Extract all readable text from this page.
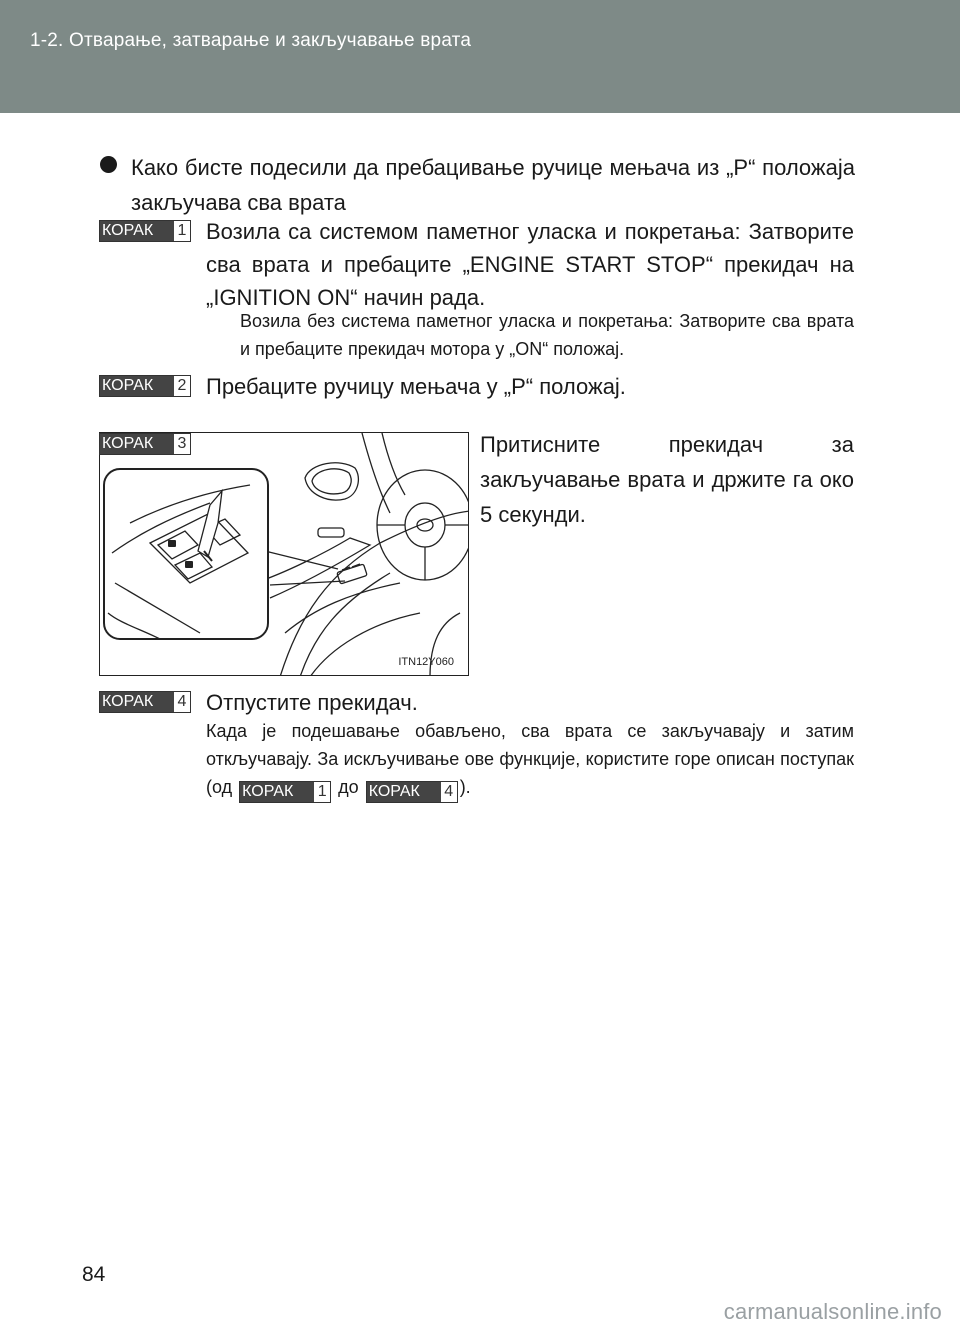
1-2. Отварање, затварање и закључавање врата
Како бисте подесили да пребацивање ручице мењача из „P“ положаја закључава сва врата
КОРАК	1 Возила са системом паметног уласка и покретања: Затворите сва врата и пребаците „ENGINE START STOP“ прекидач на „IGNITION ON“ начин рада.
Возила без система паметног уласка и покретања: Затворите сва врата и пребаците прекидач мотора у „ON“ положај.
КОРАК	2 Пребаците ручицу мењача у „P“ положај.
ITN12Y060
КОРАК	3	Притисните прекидач за закључавање врата и држите га око 5 секунди.
КОРАК	4 Отпустите прекидач.
Када је подешавање обављено, сва врата се закључавају и затим откључавају. За искључивање ове функције, користите горе описан поступак (од КОРАК	1 до КОРАК	4 ).
84
carmanualsonline.info
